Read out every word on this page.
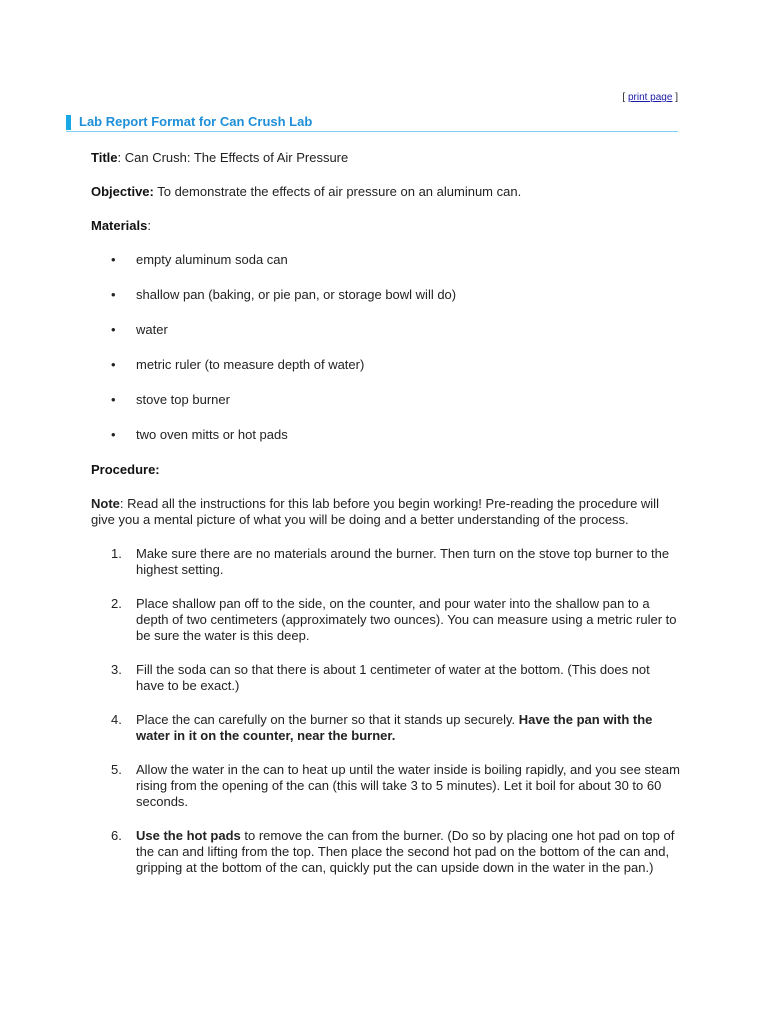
[ print page ]
Lab Report Format for Can Crush Lab

Title: Can Crush: The Effects of Air Pressure

Objective: To demonstrate the effects of air pressure on an aluminum can.

Materials:

• empty aluminum soda can
• shallow pan (baking, or pie pan, or storage bowl will do)
• water
• metric ruler (to measure depth of water)
• stove top burner
• two oven mitts or hot pads

Procedure:

Note: Read all the instructions for this lab before you begin working! Pre-reading the procedure will give you a mental picture of what you will be doing and a better understanding of the process.

1. Make sure there are no materials around the burner. Then turn on the stove top burner to the highest setting.
2. Place shallow pan off to the side, on the counter, and pour water into the shallow pan to a depth of two centimeters (approximately two ounces). You can measure using a metric ruler to be sure the water is this deep.
3. Fill the soda can so that there is about 1 centimeter of water at the bottom. (This does not have to be exact.)
4. Place the can carefully on the burner so that it stands up securely. Have the pan with the water in it on the counter, near the burner.
5. Allow the water in the can to heat up until the water inside is boiling rapidly, and you see steam rising from the opening of the can (this will take 3 to 5 minutes). Let it boil for about 30 to 60 seconds.
6. Use the hot pads to remove the can from the burner. (Do so by placing one hot pad on top of the can and lifting from the top. Then place the second hot pad on the bottom of the can and, gripping at the bottom of the can, quickly put the can upside down in the water in the pan.)
